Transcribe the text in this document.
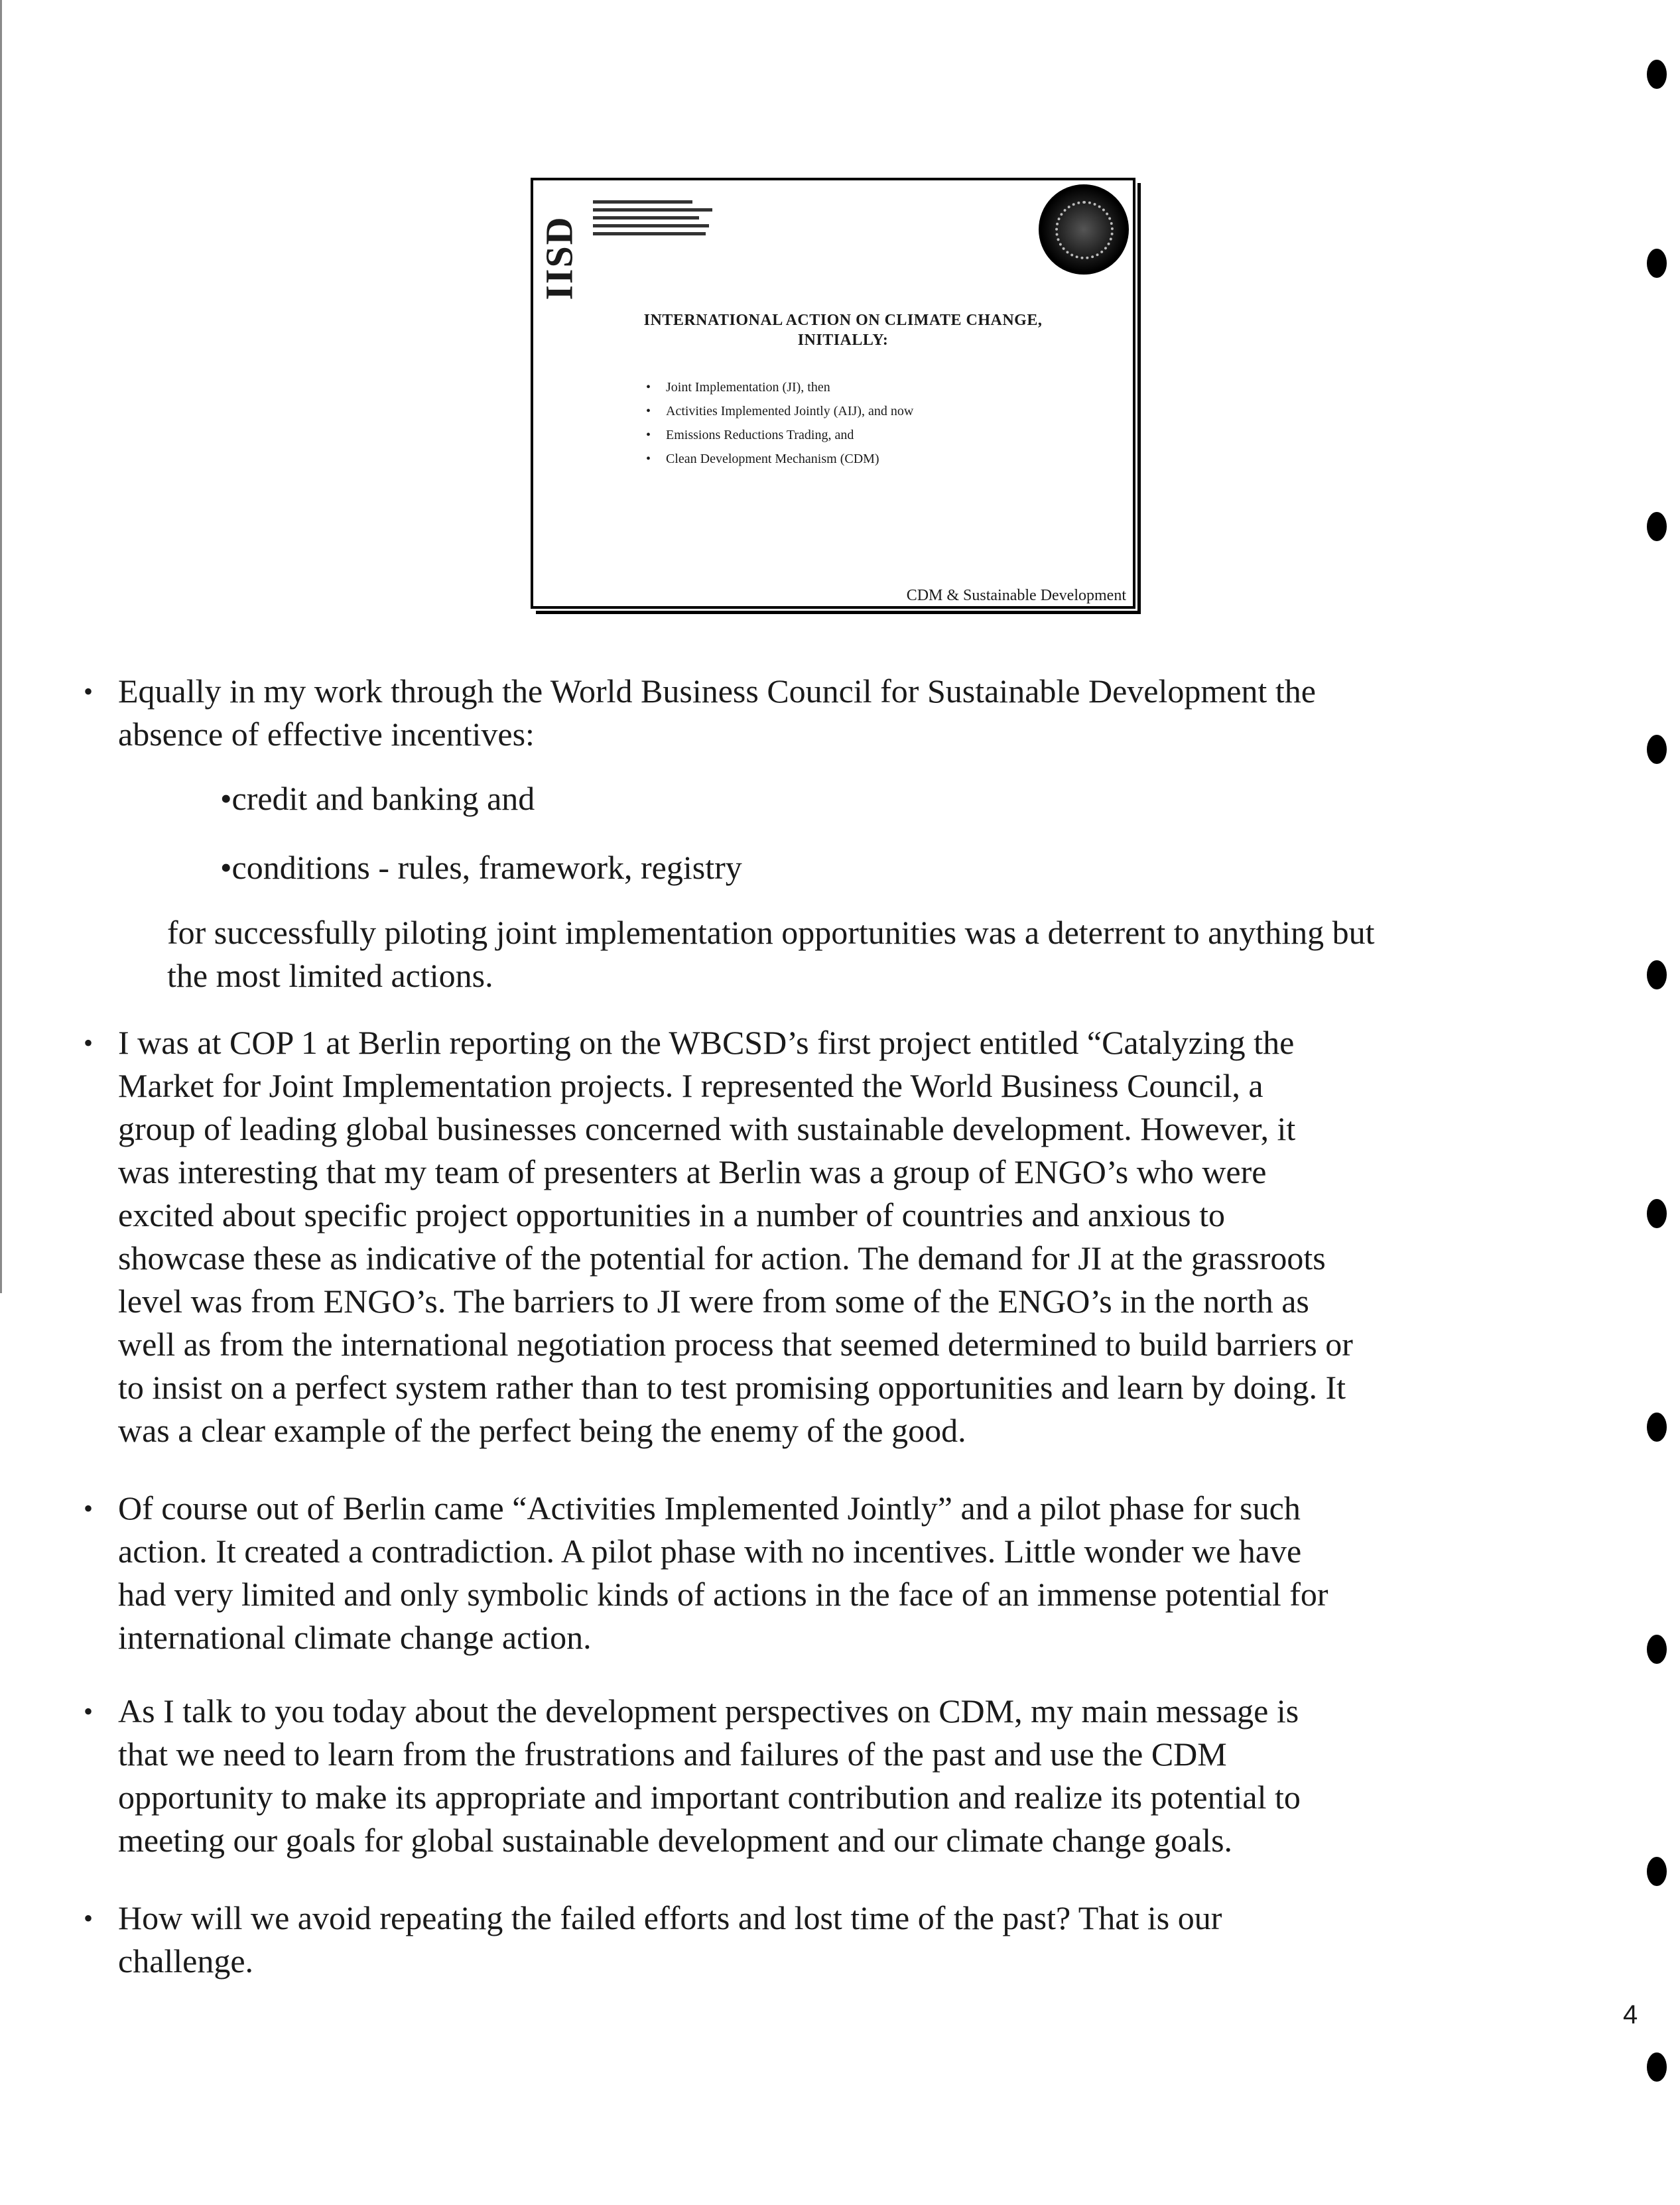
IISD
INTERNATIONAL ACTION ON CLIMATE CHANGE,
INITIALLY:
• Joint Implementation (JI), then
• Activities Implemented Jointly (AIJ), and now
• Emissions Reductions Trading, and
• Clean Development Mechanism (CDM)
CDM & Sustainable Development
• Equally in my work through the World Business Council for Sustainable Development the
absence of effective incentives:
•credit and banking and
•conditions - rules, framework, registry
for successfully piloting joint implementation opportunities was a deterrent to anything but
the most limited actions.
• I was at COP 1 at Berlin reporting on the WBCSD’s first project entitled “Catalyzing the
Market for Joint Implementation projects. I represented the World Business Council, a
group of leading global businesses concerned with sustainable development. However, it
was interesting that my team of presenters at Berlin was a group of ENGO’s who were
excited about specific project opportunities in a number of countries and anxious to
showcase these as indicative of the potential for action. The demand for JI at the grassroots
level was from ENGO’s. The barriers to JI were from some of the ENGO’s in the north as
well as from the international negotiation process that seemed determined to build barriers or
to insist on a perfect system rather than to test promising opportunities and learn by doing. It
was a clear example of the perfect being the enemy of the good.
• Of course out of Berlin came “Activities Implemented Jointly” and a pilot phase for such
action. It created a contradiction. A pilot phase with no incentives. Little wonder we have
had very limited and only symbolic kinds of actions in the face of an immense potential for
international climate change action.
• As I talk to you today about the development perspectives on CDM, my main message is
that we need to learn from the frustrations and failures of the past and use the CDM
opportunity to make its appropriate and important contribution and realize its potential to
meeting our goals for global sustainable development and our climate change goals.
• How will we avoid repeating the failed efforts and lost time of the past? That is our
challenge.
4
